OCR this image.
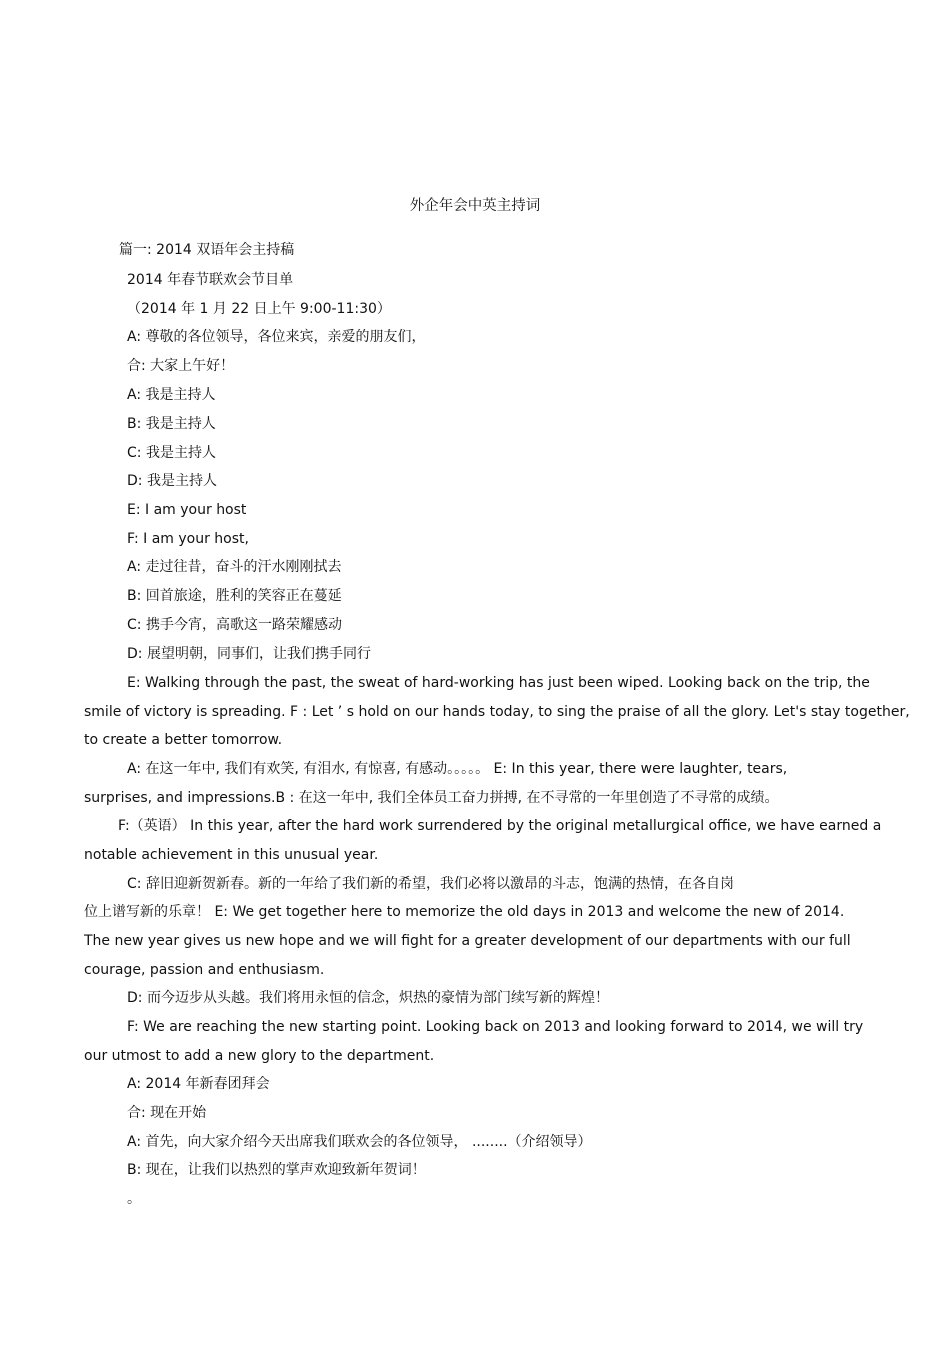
外企年会中英主持词
篇一: 2014 双语年会主持稿
2014 年春节联欢会节目单
（2014 年 1 月 22 日上午 9:00-11:30）
A: 尊敬的各位领导，各位来宾，亲爱的朋友们，
合: 大家上午好！
A: 我是主持人
B: 我是主持人
C: 我是主持人
D: 我是主持人
E: I am your host
F: I am your host,
A: 走过往昔，奋斗的汗水刚刚拭去
B: 回首旅途，胜利的笑容正在蔓延
C: 携手今宵，高歌这一路荣耀感动
D: 展望明朝，同事们，让我们携手同行
E: Walking through the past, the sweat of hard-working has just been wiped. Looking back on the trip, the
smile of victory is spreading. F : Let ’ s hold on our hands today, to sing the praise of all the glory. Let's stay together,
to create a better tomorrow.
A: 在这一年中, 我们有欢笑, 有泪水, 有惊喜, 有感动。。。。。 E: In this year, there were laughter, tears,
surprises, and impressions.B : 在这一年中, 我们全体员工奋力拼搏, 在不寻常的一年里创造了不寻常的成绩。
F:（英语） In this year, after the hard work surrendered by the original metallurgical office, we have earned a
notable achievement in this unusual year.
C: 辞旧迎新贺新春。新的一年给了我们新的希望，我们必将以激昂的斗志，饱满的热情，在各自岗
位上谱写新的乐章！ E: We get together here to memorize the old days in 2013 and welcome the new of 2014.
The new year gives us new hope and we will fight for a greater development of our departments with our full
courage, passion and enthusiasm.
D: 而今迈步从头越。我们将用永恒的信念，炽热的豪情为部门续写新的辉煌！
F: We are reaching the new starting point. Looking back on 2013 and looking forward to 2014, we will try
our utmost to add a new glory to the department.
A: 2014 年新春团拜会
合: 现在开始
A: 首先，向大家介绍今天出席我们联欢会的各位领导， ........（介绍领导）
B: 现在，让我们以热烈的掌声欢迎致新年贺词！
。
